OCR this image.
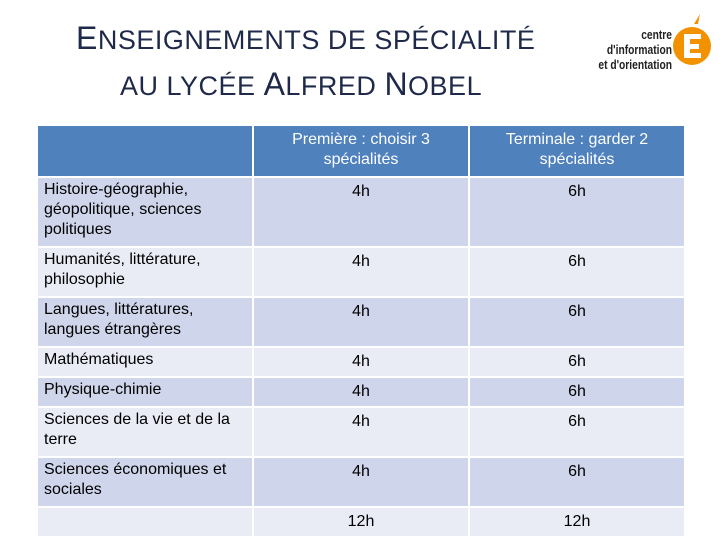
ENSEIGNEMENTS DE SPÉCIALITÉ
AU LYCÉE ALFRED NOBEL
centre d'information
et d'orientation
	Première : choisir 3 spécialités	Terminale : garder 2 spécialités
Histoire-géographie, géopolitique, sciences politiques	4h	6h
Humanités, littérature, philosophie	4h	6h
Langues, littératures, langues étrangères	4h	6h
Mathématiques	4h	6h
Physique-chimie	4h	6h
Sciences de la vie et de la terre	4h	6h
Sciences économiques et sociales	4h	6h
	12h	12h
